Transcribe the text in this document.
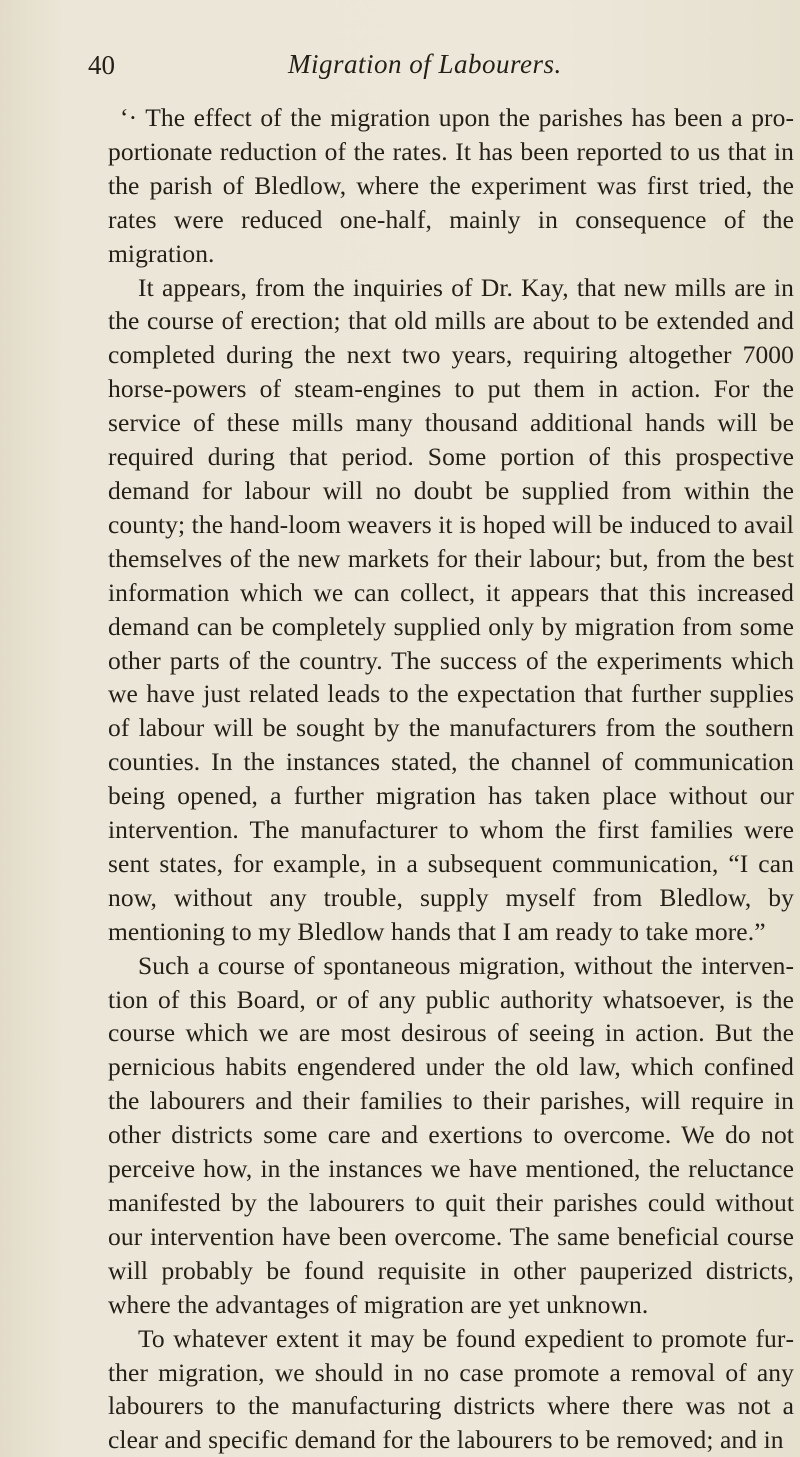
40	Migration of Labourers.

‘· The effect of the migration upon the parishes has been a proportionate reduction of the rates. It has been reported to us that in the parish of Bledlow, where the experiment was first tried, the rates were reduced one-half, mainly in consequence of the migration.

It appears, from the inquiries of Dr. Kay, that new mills are in the course of erection; that old mills are about to be extended and completed during the next two years, requiring altogether 7000 horse-powers of steam-engines to put them in action. For the service of these mills many thousand additional hands will be required during that period. Some portion of this prospective demand for labour will no doubt be supplied from within the county; the hand-loom weavers it is hoped will be induced to avail themselves of the new markets for their labour; but, from the best information which we can collect, it appears that this increased demand can be completely supplied only by migration from some other parts of the country. The success of the experiments which we have just related leads to the expectation that further supplies of labour will be sought by the manufacturers from the southern counties. In the instances stated, the channel of communication being opened, a further migration has taken place without our intervention. The manufacturer to whom the first families were sent states, for example, in a subsequent communication, “I can now, without any trouble, supply myself from Bledlow, by mentioning to my Bledlow hands that I am ready to take more.”

Such a course of spontaneous migration, without the intervention of this Board, or of any public authority whatsoever, is the course which we are most desirous of seeing in action. But the pernicious habits engendered under the old law, which confined the labourers and their families to their parishes, will require in other districts some care and exertions to overcome. We do not perceive how, in the instances we have mentioned, the reluctance manifested by the labourers to quit their parishes could without our intervention have been overcome. The same beneficial course will probably be found requisite in other pauperized districts, where the advantages of migration are yet unknown.

To whatever extent it may be found expedient to promote further migration, we should in no case promote a removal of any labourers to the manufacturing districts where there was not a clear and specific demand for the labourers to be removed; and in
